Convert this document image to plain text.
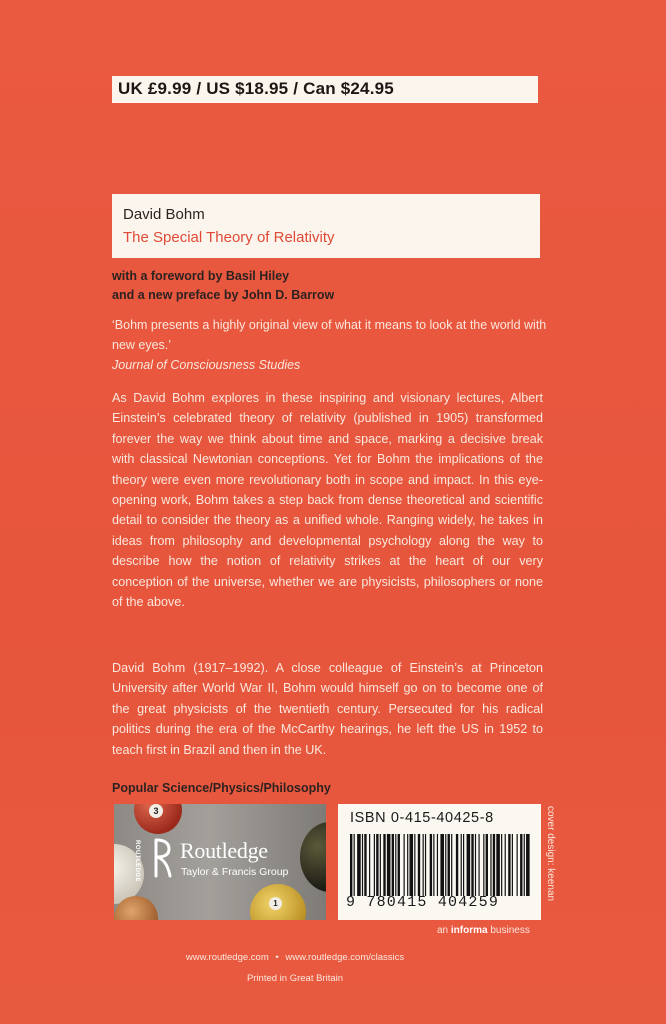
UK £9.99 / US $18.95 / Can $24.95
David Bohm
The Special Theory of Relativity
with a foreword by Basil Hiley
and a new preface by John D. Barrow
‘Bohm presents a highly original view of what it means to look at the world with new eyes.’
Journal of Consciousness Studies
As David Bohm explores in these inspiring and visionary lectures, Albert Einstein’s celebrated theory of relativity (published in 1905) transformed forever the way we think about time and space, marking a decisive break with classical Newtonian conceptions. Yet for Bohm the implications of the theory were even more revolutionary both in scope and impact. In this eye-opening work, Bohm takes a step back from dense theoretical and scientific detail to consider the theory as a unified whole. Ranging widely, he takes in ideas from philosophy and developmental psychology along the way to describe how the notion of relativity strikes at the heart of our very conception of the universe, whether we are physicists, philosophers or none of the above.
David Bohm (1917–1992). A close colleague of Einstein’s at Princeton University after World War II, Bohm would himself go on to become one of the great physicists of the twentieth century. Persecuted for his radical politics during the era of the McCarthy hearings, he left the US in 1952 to teach first in Brazil and then in the UK.
Popular Science/Physics/Philosophy
3
1
ROUTLEDGE Routledge
Taylor & Francis Group
ISBN 0-415-40425-8
9 780415 404259
cover design: keenan
an informa business
www.routledge.com • www.routledge.com/classics
Printed in Great Britain
